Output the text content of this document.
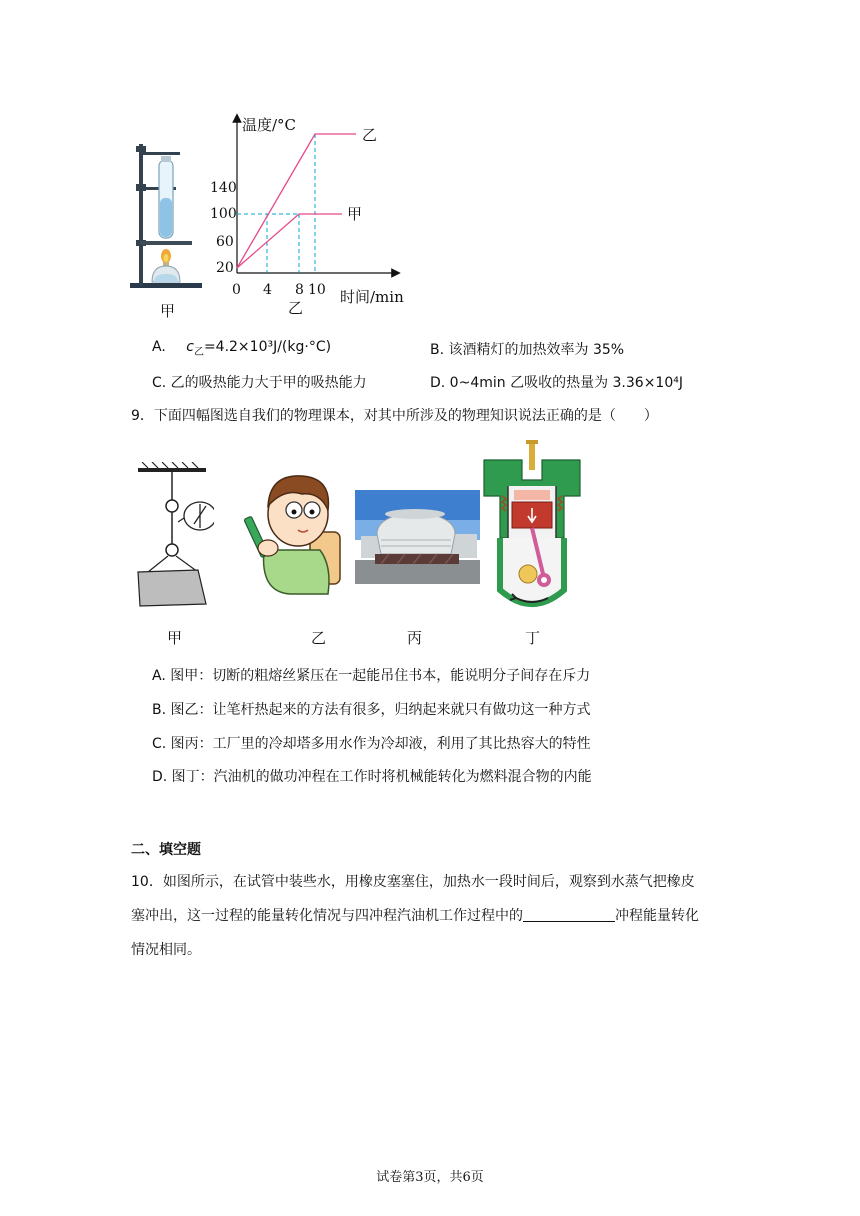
甲
温度/°C
时间/min
140
100
60
20
0 4 8 10
乙
甲
乙
A. $c_乙=4.2\times 10^3J/(kg\cdot^\circ C)$	B. 该酒精灯的加热效率为 35%
C. 乙的吸热能力大于甲的吸热能力	D. 0~4min 乙吸收的热量为 3.36×10⁴J
9．下面四幅图选自我们的物理课本，对其中所涉及的物理知识说法正确的是（　　）
甲	乙	丙	丁
A. 图甲：切断的粗熔丝紧压在一起能吊住书本，能说明分子间存在斥力
B. 图乙：让笔杆热起来的方法有很多，归纳起来就只有做功这一种方式
C. 图丙：工厂里的冷却塔多用水作为冷却液，利用了其比热容大的特性
D. 图丁：汽油机的做功冲程在工作时将机械能转化为燃料混合物的内能
二、填空题
10．如图所示，在试管中装些水，用橡皮塞塞住，加热水一段时间后，观察到水蒸气把橡皮
塞冲出，这一过程的能量转化情况与四冲程汽油机工作过程中的	冲程能量转化
情况相同。
试卷第3页，共6页
